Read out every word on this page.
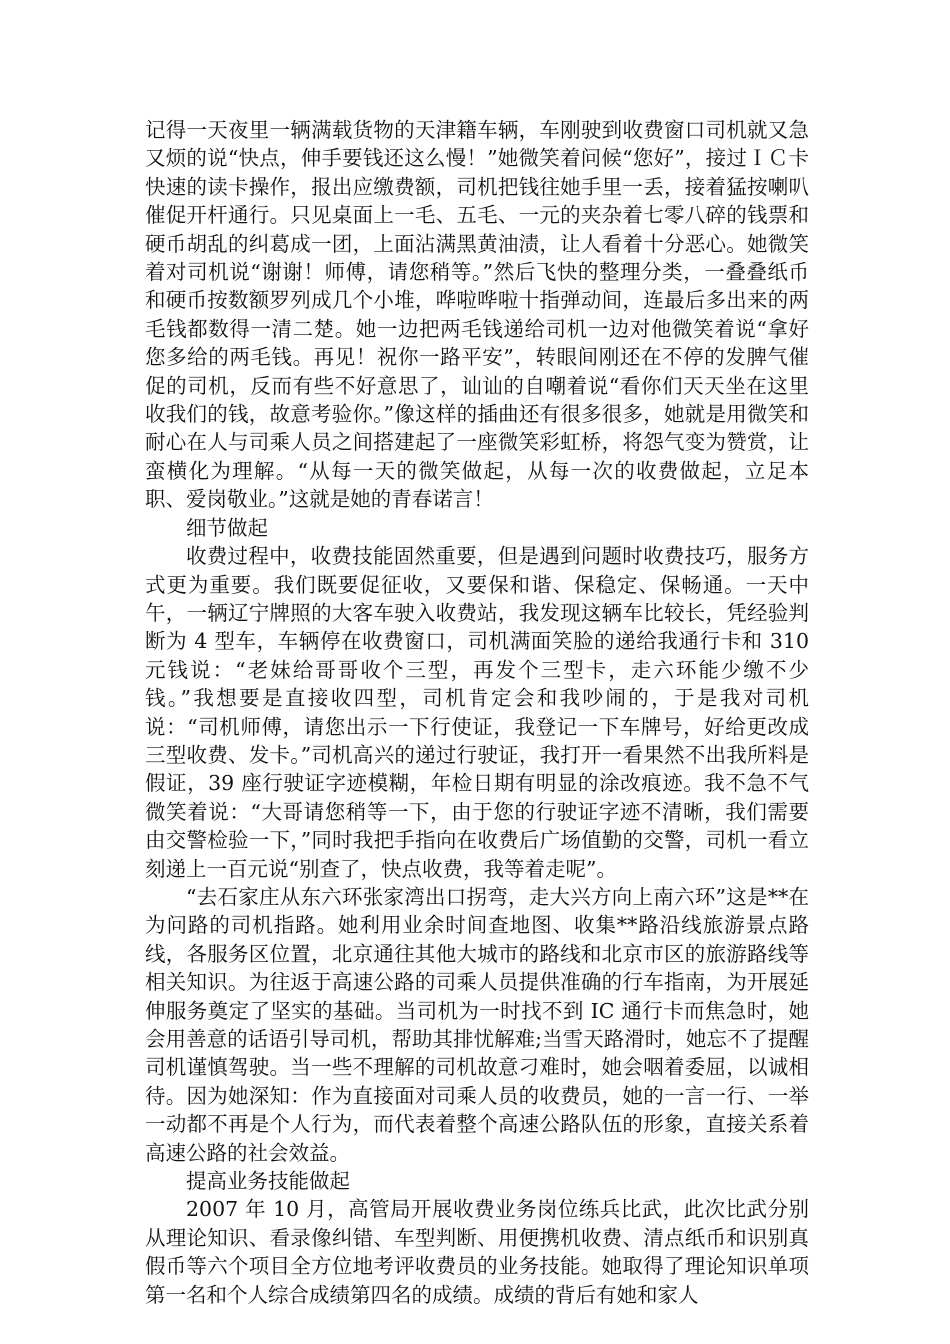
记得一天夜里一辆满载货物的天津籍车辆，车刚驶到收费窗口司机就又急又烦的说“快点，伸手要钱还这么慢！”她微笑着问候“您好”，接过ＩＣ卡快速的读卡操作，报出应缴费额，司机把钱往她手里一丢，接着猛按喇叭催促开杆通行。只见桌面上一毛、五毛、一元的夹杂着七零八碎的钱票和硬币胡乱的纠葛成一团，上面沾满黑黄油渍，让人看着十分恶心。她微笑着对司机说“谢谢！师傅，请您稍等。”然后飞快的整理分类，一叠叠纸币和硬币按数额罗列成几个小堆，哗啦哗啦十指弹动间，连最后多出来的两毛钱都数得一清二楚。她一边把两毛钱递给司机一边对他微笑着说“拿好您多给的两毛钱。再见！祝你一路平安”，转眼间刚还在不停的发脾气催促的司机，反而有些不好意思了，讪讪的自嘲着说“看你们天天坐在这里收我们的钱，故意考验你。”像这样的插曲还有很多很多，她就是用微笑和耐心在人与司乘人员之间搭建起了一座微笑彩虹桥，将怨气变为赞赏，让蛮横化为理解。“从每一天的微笑做起，从每一次的收费做起，立足本职、爱岗敬业。”这就是她的青春诺言！

细节做起

收费过程中，收费技能固然重要，但是遇到问题时收费技巧，服务方式更为重要。我们既要促征收，又要保和谐、保稳定、保畅通。一天中午，一辆辽宁牌照的大客车驶入收费站，我发现这辆车比较长，凭经验判断为 4 型车，车辆停在收费窗口，司机满面笑脸的递给我通行卡和 310 元钱说：“老妹给哥哥收个三型，再发个三型卡，走六环能少缴不少钱。”我想要是直接收四型，司机肯定会和我吵闹的，于是我对司机说：“司机师傅，请您出示一下行使证，我登记一下车牌号，好给更改成三型收费、发卡。”司机高兴的递过行驶证，我打开一看果然不出我所料是假证，39 座行驶证字迹模糊，年检日期有明显的涂改痕迹。我不急不气微笑着说：“大哥请您稍等一下，由于您的行驶证字迹不清晰，我们需要由交警检验一下，”同时我把手指向在收费后广场值勤的交警，司机一看立刻递上一百元说“别查了，快点收费，我等着走呢”。

“去石家庄从东六环张家湾出口拐弯，走大兴方向上南六环”这是**在为问路的司机指路。她利用业余时间查地图、收集**路沿线旅游景点路线，各服务区位置，北京通往其他大城市的路线和北京市区的旅游路线等相关知识。为往返于高速公路的司乘人员提供准确的行车指南，为开展延伸服务奠定了坚实的基础。当司机为一时找不到 IC 通行卡而焦急时，她会用善意的话语引导司机，帮助其排忧解难;当雪天路滑时，她忘不了提醒司机谨慎驾驶。当一些不理解的司机故意刁难时，她会咽着委屈，以诚相待。因为她深知：作为直接面对司乘人员的收费员，她的一言一行、一举一动都不再是个人行为，而代表着整个高速公路队伍的形象，直接关系着高速公路的社会效益。

提高业务技能做起

2007 年 10 月，高管局开展收费业务岗位练兵比武，此次比武分别从理论知识、看录像纠错、车型判断、用便携机收费、清点纸币和识别真假币等六个项目全方位地考评收费员的业务技能。她取得了理论知识单项第一名和个人综合成绩第四名的成绩。成绩的背后有她和家人
